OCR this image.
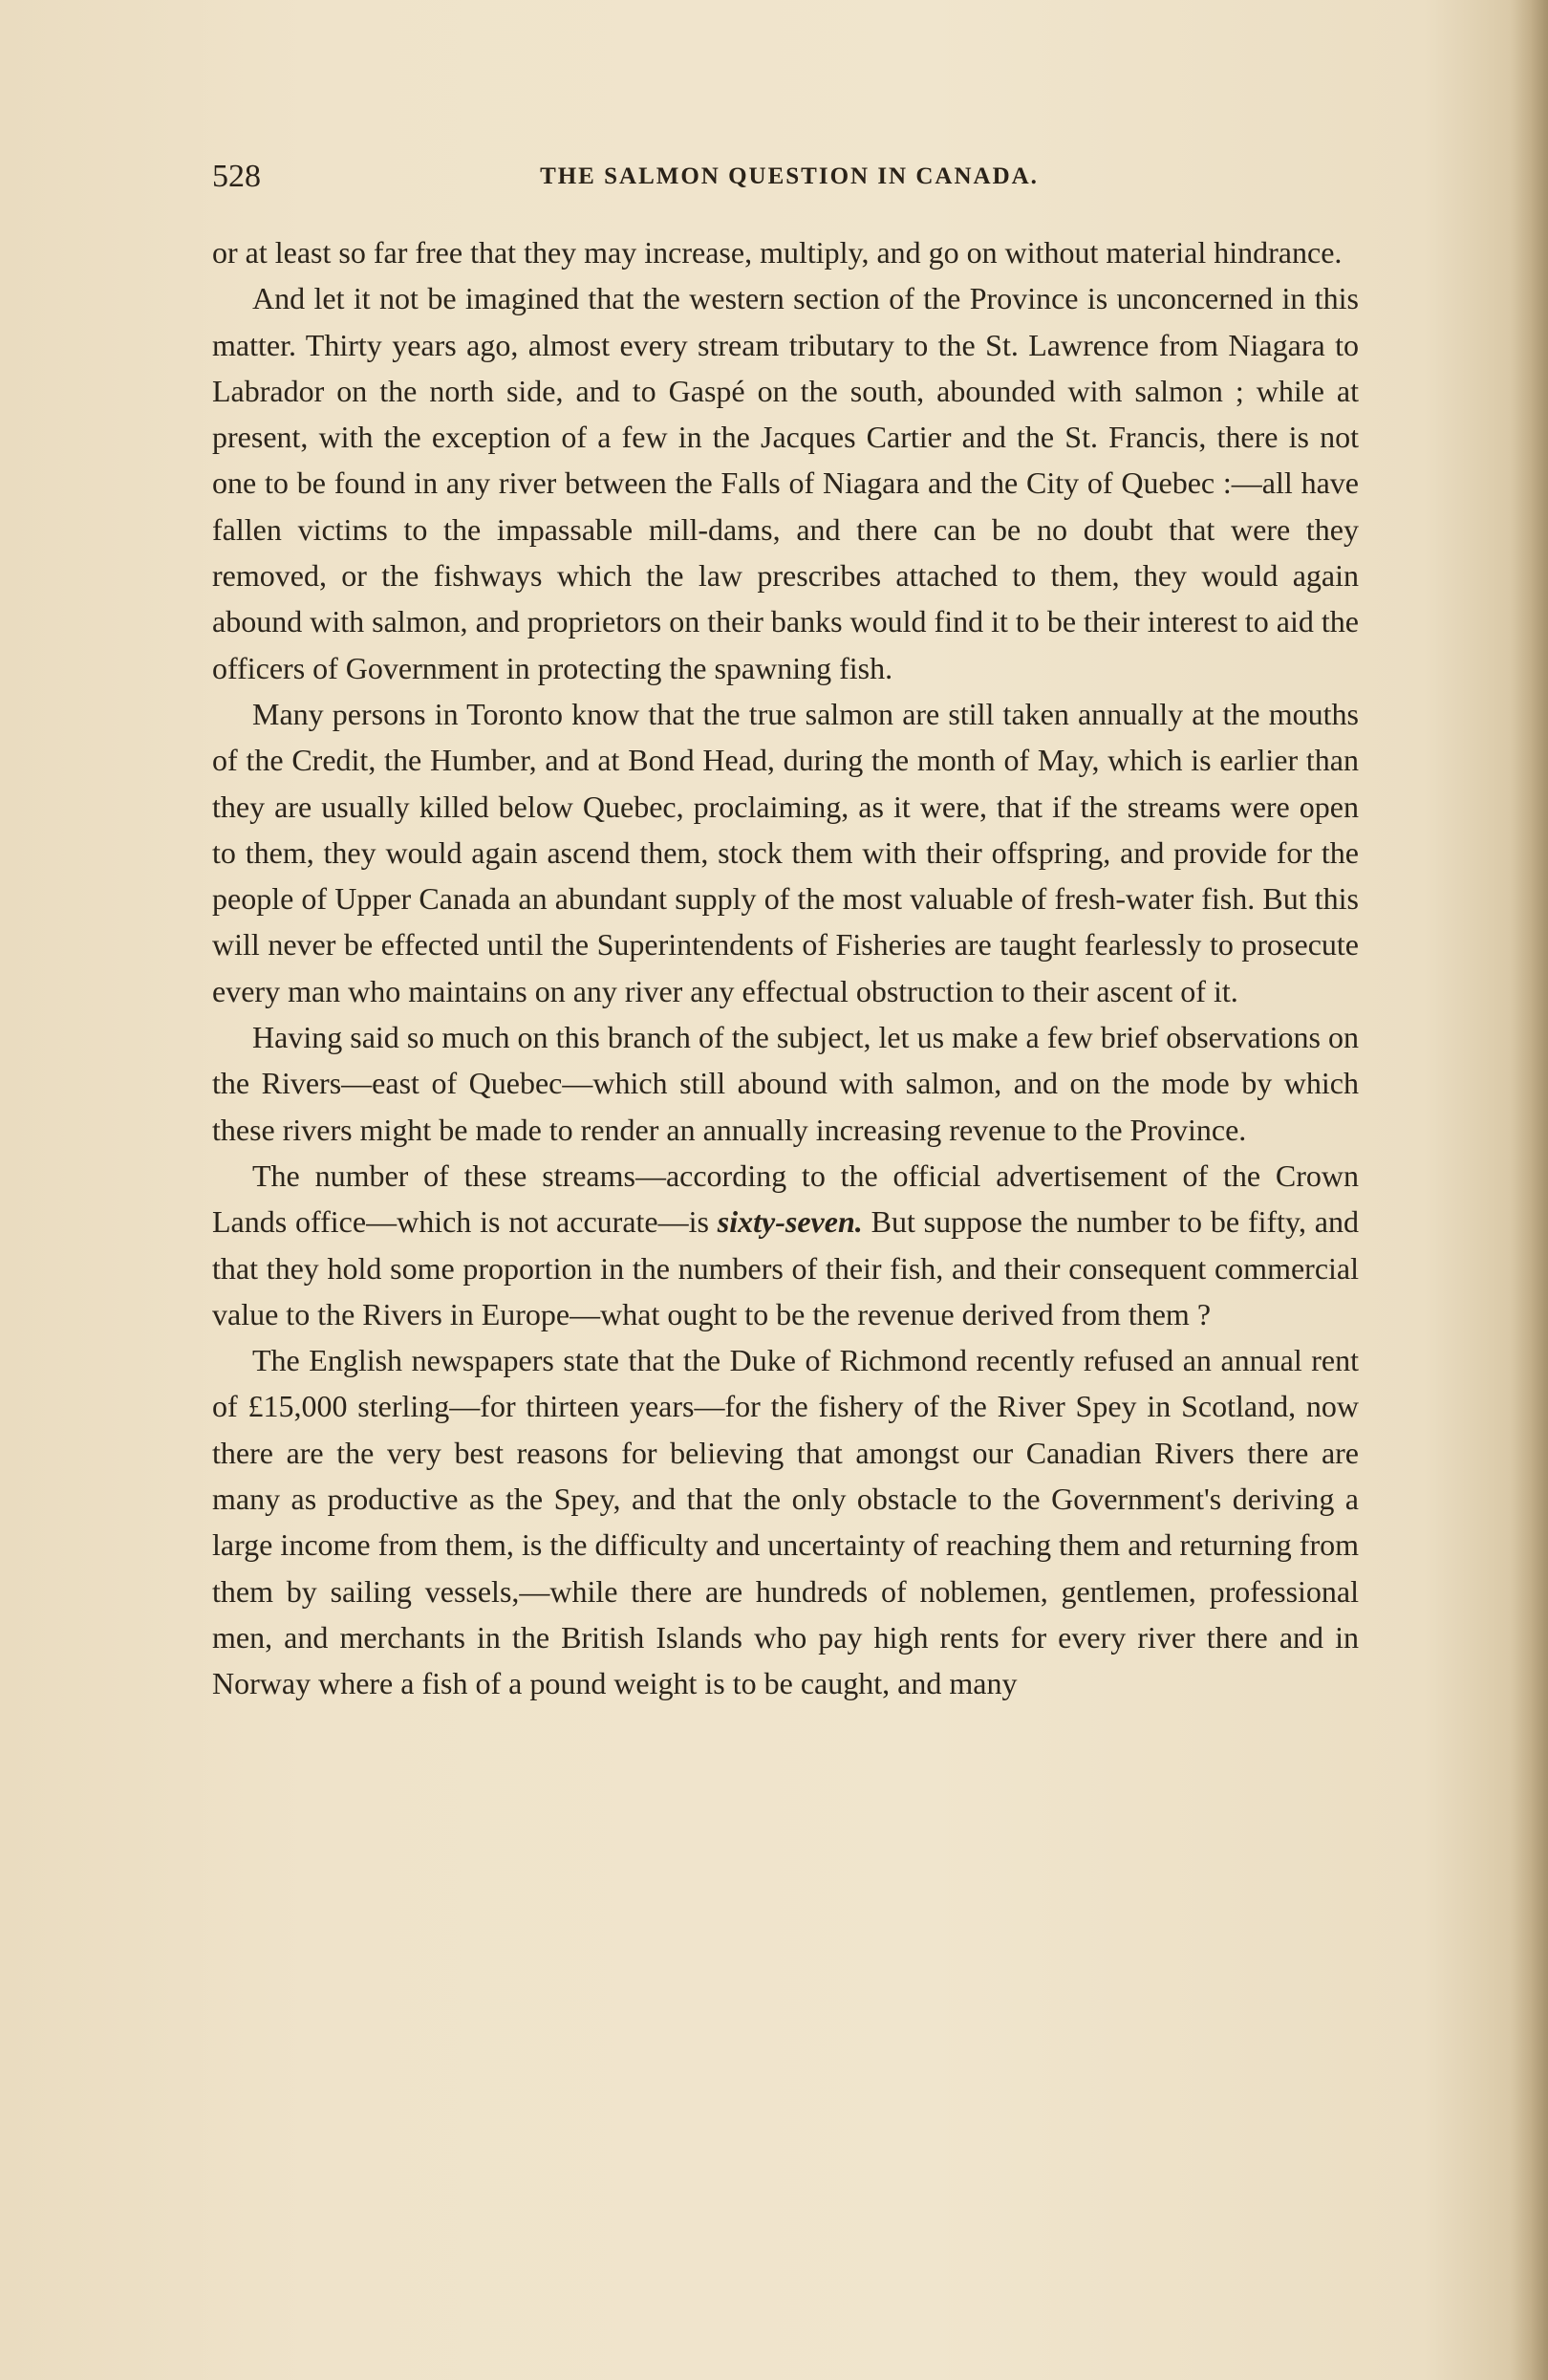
528	THE SALMON QUESTION IN CANADA.

or at least so far free that they may increase, multiply, and go on without material hindrance.

And let it not be imagined that the western section of the Province is unconcerned in this matter. Thirty years ago, almost every stream tributary to the St. Lawrence from Niagara to Labrador on the north side, and to Gaspé on the south, abounded with salmon ; while at present, with the exception of a few in the Jacques Cartier and the St. Francis, there is not one to be found in any river between the Falls of Niagara and the City of Quebec :—all have fallen victims to the impassable mill-dams, and there can be no doubt that were they removed, or the fishways which the law prescribes attached to them, they would again abound with salmon, and proprietors on their banks would find it to be their interest to aid the officers of Government in protecting the spawning fish.

Many persons in Toronto know that the true salmon are still taken annually at the mouths of the Credit, the Humber, and at Bond Head, during the month of May, which is earlier than they are usually killed below Quebec, proclaiming, as it were, that if the streams were open to them, they would again ascend them, stock them with their offspring, and provide for the people of Upper Canada an abundant supply of the most valuable of fresh-water fish. But this will never be effected until the Superintendents of Fisheries are taught fearlessly to prosecute every man who maintains on any river any effectual obstruction to their ascent of it.

Having said so much on this branch of the subject, let us make a few brief observations on the Rivers—east of Quebec—which still abound with salmon, and on the mode by which these rivers might be made to render an annually increasing revenue to the Province.

The number of these streams—according to the official advertisement of the Crown Lands office—which is not accurate—is sixty-seven. But suppose the number to be fifty, and that they hold some proportion in the numbers of their fish, and their consequent commercial value to the Rivers in Europe—what ought to be the revenue derived from them ?

The English newspapers state that the Duke of Richmond recently refused an annual rent of £15,000 sterling—for thirteen years—for the fishery of the River Spey in Scotland, now there are the very best reasons for believing that amongst our Canadian Rivers there are many as productive as the Spey, and that the only obstacle to the Government's deriving a large income from them, is the difficulty and uncertainty of reaching them and returning from them by sailing vessels,—while there are hundreds of noblemen, gentlemen, professional men, and merchants in the British Islands who pay high rents for every river there and in Norway where a fish of a pound weight is to be caught, and many
